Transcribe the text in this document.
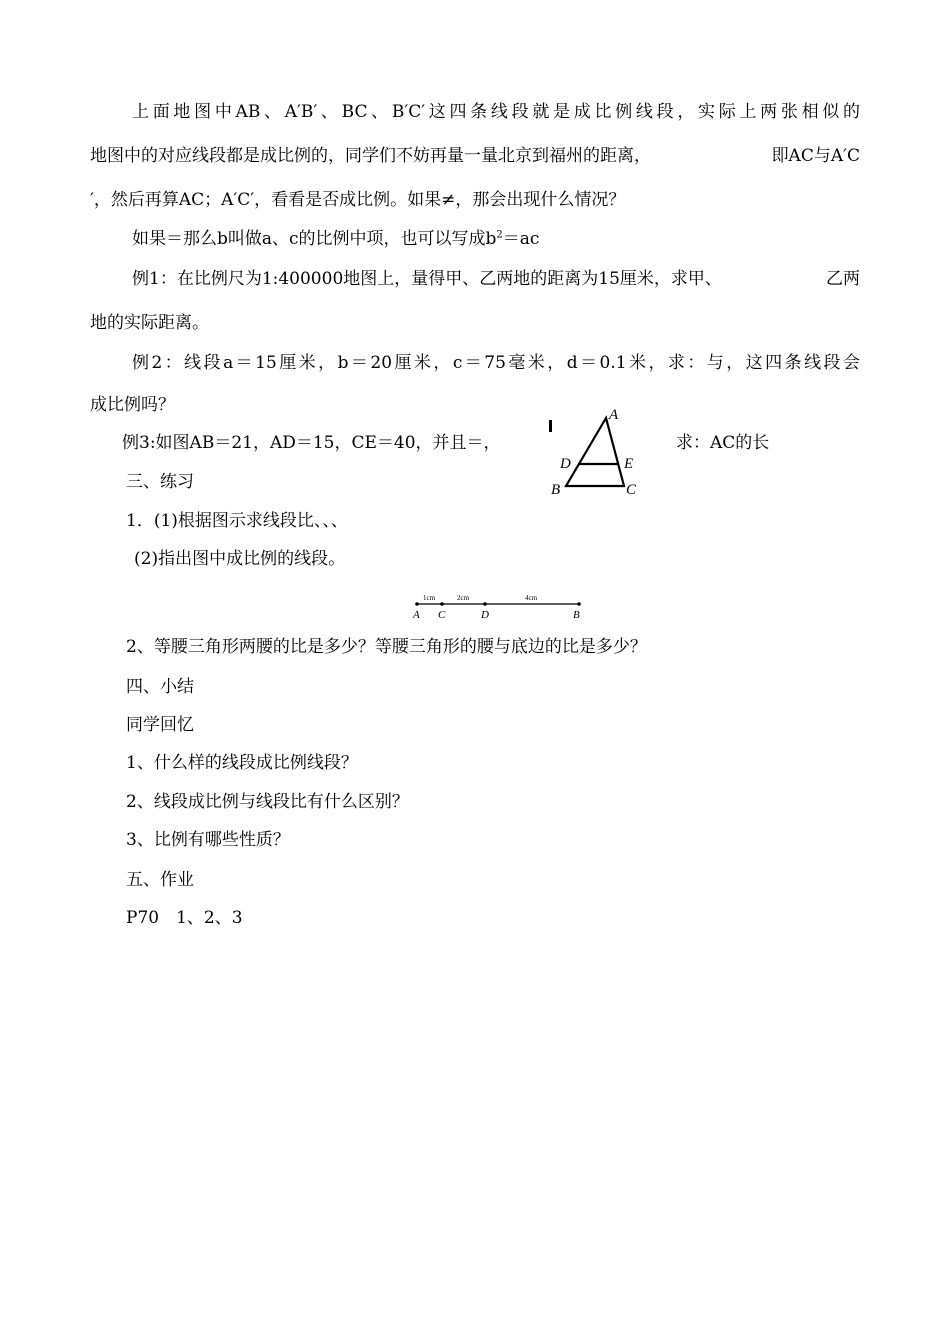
上面地图中AB、A′B′、BC、B′C′这四条线段就是成比例线段，实际上两张相似的
地图中的对应线段都是成比例的，同学们不妨再量一量北京到福州的距离，	即AC与A′C
′，然后再算AC；A′C′，看看是否成比例。如果≠，那会出现什么情况？
如果＝那么b叫做a、c的比例中项，也可以写成$b^2=ac$
例1：在比例尺为1:400000地图上，量得甲、乙两地的距离为15厘米，求甲、	乙两
地的实际距离。
例2：线段a＝15厘米，b＝20厘米，c＝75毫米，d＝0.1米，求：与，这四条线段会
成比例吗？
例3:如图AB＝21，AD＝15，CE＝40，并且＝，	求：AC的长
A
D	E
B	C
三、练习
1．(1)根据图示求线段比、、、
(2)指出图中成比例的线段。
1cm	2cm	4cm
A C	D	B
2、等腰三角形两腰的比是多少？等腰三角形的腰与底边的比是多少？
四、小结
同学回忆
1、什么样的线段成比例线段？
2、线段成比例与线段比有什么区别？
3、比例有哪些性质？
五、作业
P70　1、2、3
